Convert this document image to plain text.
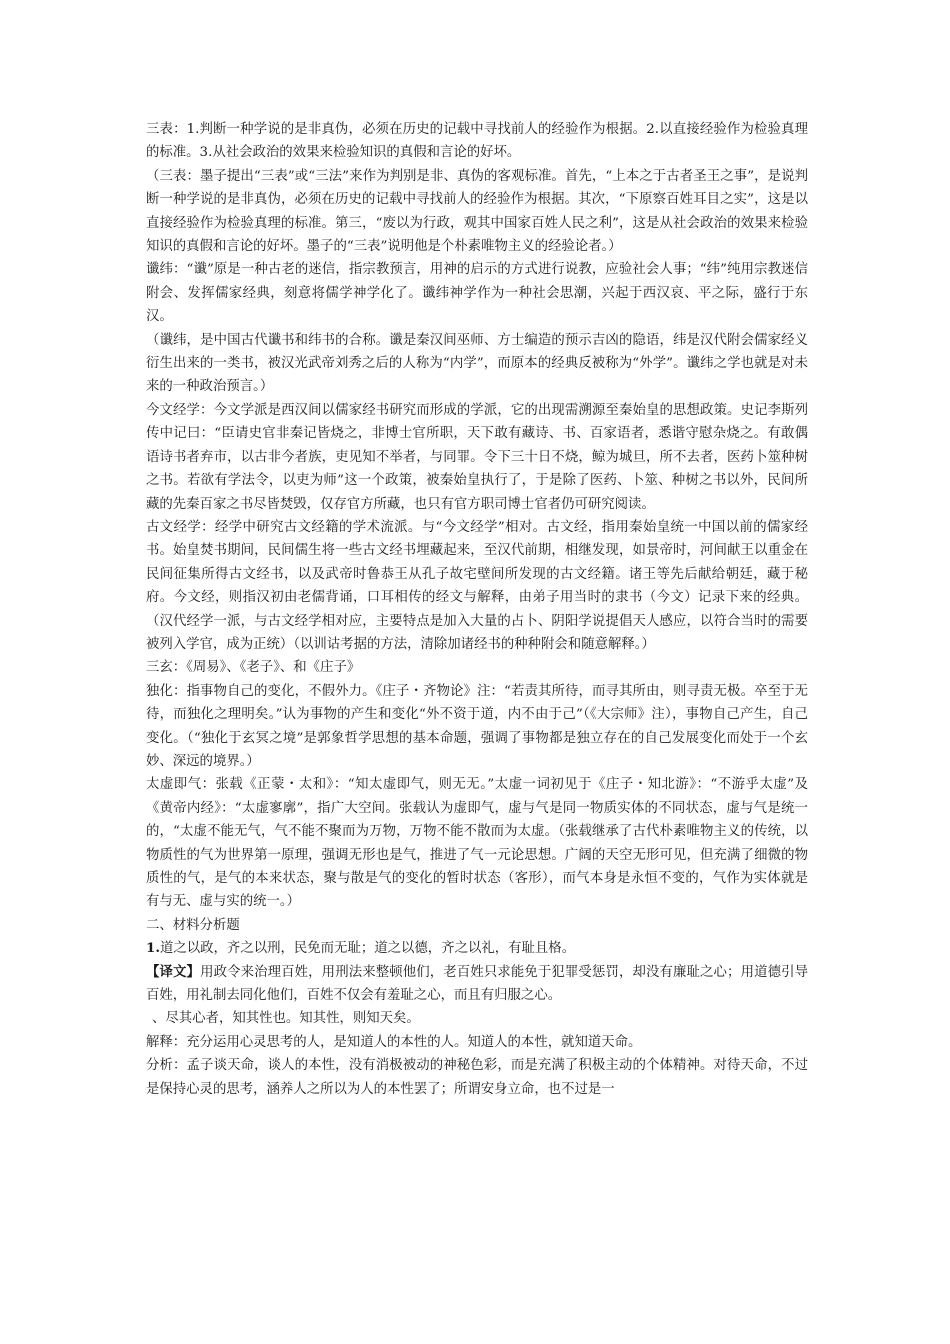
三表：1.判断一种学说的是非真伪，必须在历史的记载中寻找前人的经验作为根据。2.以直接经验作为检验真理的标准。3.从社会政治的效果来检验知识的真假和言论的好坏。

（三表：墨子提出“三表”或“三法”来作为判别是非、真伪的客观标准。首先，“上本之于古者圣王之事”，是说判断一种学说的是非真伪，必须在历史的记载中寻找前人的经验作为根据。其次，“下原察百姓耳目之实”，这是以直接经验作为检验真理的标准。第三，“废以为行政，观其中国家百姓人民之利”，这是从社会政治的效果来检验知识的真假和言论的好坏。墨子的“三表”说明他是个朴素唯物主义的经验论者。）

谶纬：“谶”原是一种古老的迷信，指宗教预言，用神的启示的方式进行说教，应验社会人事；“纬”纯用宗教迷信附会、发挥儒家经典，刻意将儒学神学化了。谶纬神学作为一种社会思潮，兴起于西汉哀、平之际，盛行于东汉。

（谶纬，是中国古代谶书和纬书的合称。谶是秦汉间巫师、方士编造的预示吉凶的隐语，纬是汉代附会儒家经义衍生出来的一类书，被汉光武帝刘秀之后的人称为“内学”，而原本的经典反被称为“外学”。谶纬之学也就是对未来的一种政治预言。）

今文经学：今文学派是西汉间以儒家经书研究而形成的学派，它的出现需溯源至秦始皇的思想政策。史记李斯列传中记曰：“臣请史官非秦记皆烧之，非博士官所职，天下敢有藏诗、书、百家语者，悉谐守慰杂烧之。有敢偶语诗书者弃市，以古非今者族，吏见知不举者，与同罪。令下三十日不烧，鲸为城旦，所不去者，医药卜筮种树之书。若欲有学法令，以吏为师”这一个政策，被秦始皇执行了，于是除了医药、卜筮、种树之书以外，民间所藏的先秦百家之书尽皆焚毁，仅存官方所藏，也只有官方职司博士官者仍可研究阅读。

古文经学：经学中研究古文经籍的学术流派。与“今文经学”相对。古文经，指用秦始皇统一中国以前的儒家经书。始皇焚书期间，民间儒生将一些古文经书埋藏起来，至汉代前期，相继发现，如景帝时，河间献王以重金在民间征集所得古文经书，以及武帝时鲁恭王从孔子故宅壁间所发现的古文经籍。诸王等先后献给朝廷，藏于秘府。今文经，则指汉初由老儒背诵，口耳相传的经文与解释，由弟子用当时的隶书（今文）记录下来的经典。（汉代经学一派，与古文经学相对应，主要特点是加入大量的占卜、阴阳学说提倡天人感应，以符合当时的需要被列入学官，成为正统）（以训诂考据的方法，清除加诸经书的种种附会和随意解释。）

三玄：《周易》、《老子》、和《庄子》

独化：指事物自己的变化，不假外力。《庄子・齐物论》注：“若责其所待，而寻其所由，则寻责无极。卒至于无待，而独化之理明矣。”认为事物的产生和变化“外不资于道，内不由于己”（《大宗师》注），事物自己产生，自己变化。（“独化于玄冥之境”是郭象哲学思想的基本命题，强调了事物都是独立存在的自己发展变化而处于一个玄妙、深远的境界。）

太虚即气：张载《正蒙・太和》：“知太虚即气，则无无。”太虚一词初见于《庄子・知北游》：“不游乎太虚”及《黄帝内经》：“太虚寥廓”，指广大空间。张载认为虚即气，虚与气是同一物质实体的不同状态，虚与气是统一的，“太虚不能无气，气不能不聚而为万物，万物不能不散而为太虚。（张载继承了古代朴素唯物主义的传统，以物质性的气为世界第一原理，强调无形也是气，推进了气一元论思想。广阔的天空无形可见，但充满了细微的物质性的气，是气的本来状态，聚与散是气的变化的暂时状态（客形），而气本身是永恒不变的，气作为实体就是有与无、虚与实的统一。）

二、材料分析题

1.道之以政，齐之以刑，民免而无耻；道之以德，齐之以礼，有耻且格。

【译文】用政令来治理百姓，用刑法来整顿他们，老百姓只求能免于犯罪受惩罚，却没有廉耻之心；用道德引导百姓，用礼制去同化他们，百姓不仅会有羞耻之心，而且有归服之心。

、尽其心者，知其性也。知其性，则知天矣。

解释：充分运用心灵思考的人，是知道人的本性的人。知道人的本性，就知道天命。

分析：孟子谈天命，谈人的本性，没有消极被动的神秘色彩，而是充满了积极主动的个体精神。对待天命，不过是保持心灵的思考，涵养人之所以为人的本性罢了；所谓安身立命，也不过是一
